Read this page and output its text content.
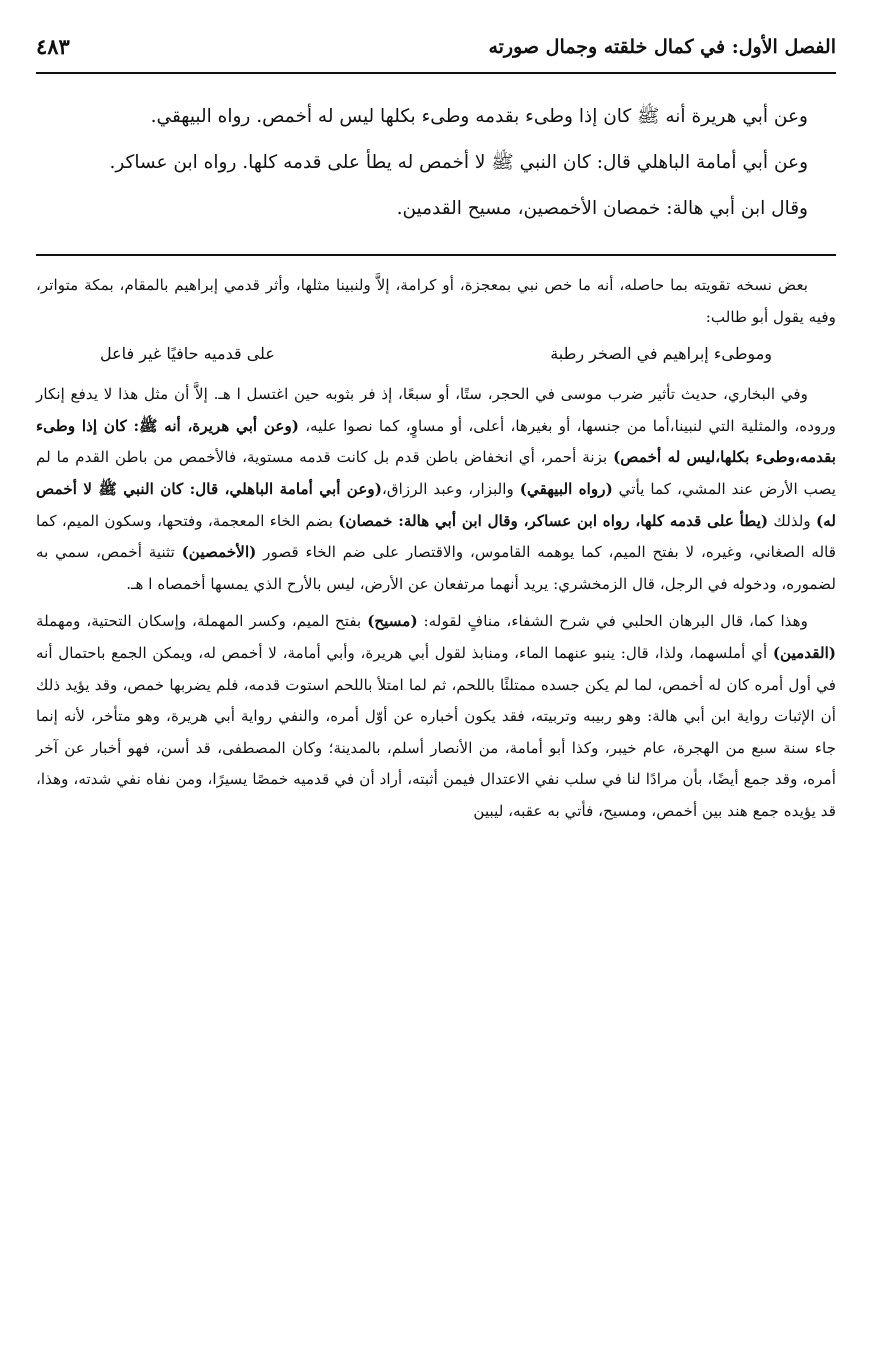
الفصل الأول: في كمال خلقته وجمال صورته
٤٨٣

وعن أبي هريرة أنه ﷺ كان إذا وطىء بقدمه وطىء بكلها ليس له أخمص. رواه البيهقي.

وعن أبي أمامة الباهلي قال: كان النبي ﷺ لا أخمص له يطأ على قدمه كلها. رواه ابن عساكر.

وقال ابن أبي هالة: خمصان الأخمصين، مسيح القدمين.

بعض نسخه تقويته بما حاصله، أنه ما خص نبي بمعجزة، أو كرامة، إلاَّ ولنبينا مثلها، وأثر قدمي إبراهيم بالمقام، بمكة متواتر، وفيه يقول أبو طالب:

وموطىء إبراهيم في الصخر رطبة
على قدميه حافيًا غير فاعل

وفي البخاري، حديث تأثير ضرب موسى في الحجر، ستًا، أو سبعًا، إذ فر بثوبه حين اغتسل ا هـ. إلاَّ أن مثل هذا لا يدفع إنكار وروده، والمثلية التي لنبينا،أما من جنسها، أو بغيرها، أعلى، أو مساوٍ، كما نصوا عليه، (وعن أبي هريرة، أنه ﷺ: كان إذا وطىء بقدمه،وطىء بكلها،ليس له أخمص) بزنة أحمر، أي انخفاض باطن قدم بل كانت قدمه مستوية، فالأخمص من باطن القدم ما لم يصب الأرض عند المشي، كما يأتي (رواه البيهقي) والبزار، وعبد الرزاق،(وعن أبي أمامة الباهلي، قال: كان النبي ﷺ لا أخمص له) ولذلك (يطأ على قدمه كلها، رواه ابن عساكر، وقال ابن أبي هالة: خمصان) بضم الخاء المعجمة، وفتحها، وسكون الميم، كما قاله الصغاني، وغيره، لا بفتح الميم، كما يوهمه القاموس، والاقتصار على ضم الخاء قصور (الأخمصين) تثنية أخمص، سمي به لضموره، ودخوله في الرجل، قال الزمخشري: يريد أنهما مرتفعان عن الأرض، ليس بالأرح الذي يمسها أخمصاه ا هـ.

وهذا كما، قال البرهان الحلبي في شرح الشفاء، منافٍ لقوله: (مسيح) بفتح الميم، وكسر المهملة، وإسكان التحتية، ومهملة (القدمين) أي أملسهما، ولذا، قال: ينبو عنهما الماء، ومنابذ لقول أبي هريرة، وأبي أمامة، لا أخمص له، ويمكن الجمع باحتمال أنه في أول أمره كان له أخمص، لما لم يكن جسده ممتلئًا باللحم، ثم لما امتلأ باللحم استوت قدمه، فلم يضربها خمص، وقد يؤيد ذلك أن الإثبات رواية ابن أبي هالة: وهو ربيبه وتربيته، فقد يكون أخباره عن أوّل أمره، والنفي رواية أبي هريرة، وهو متأخر، لأنه إنما جاء سنة سبع من الهجرة، عام خيبر، وكذا أبو أمامة، من الأنصار أسلم، بالمدينة؛ وكان المصطفى، قد أسن، فهو أخبار عن آخر أمره، وقد جمع أيضًا، بأن مرادًا لنا في سلب نفي الاعتدال فيمن أثبته، أراد أن في قدميه خمصًا يسيرًا، ومن نفاه نفي شدته، وهذا، قد يؤيده جمع هند بين أخمص، ومسيح، فأتي به عقبه، ليبين
